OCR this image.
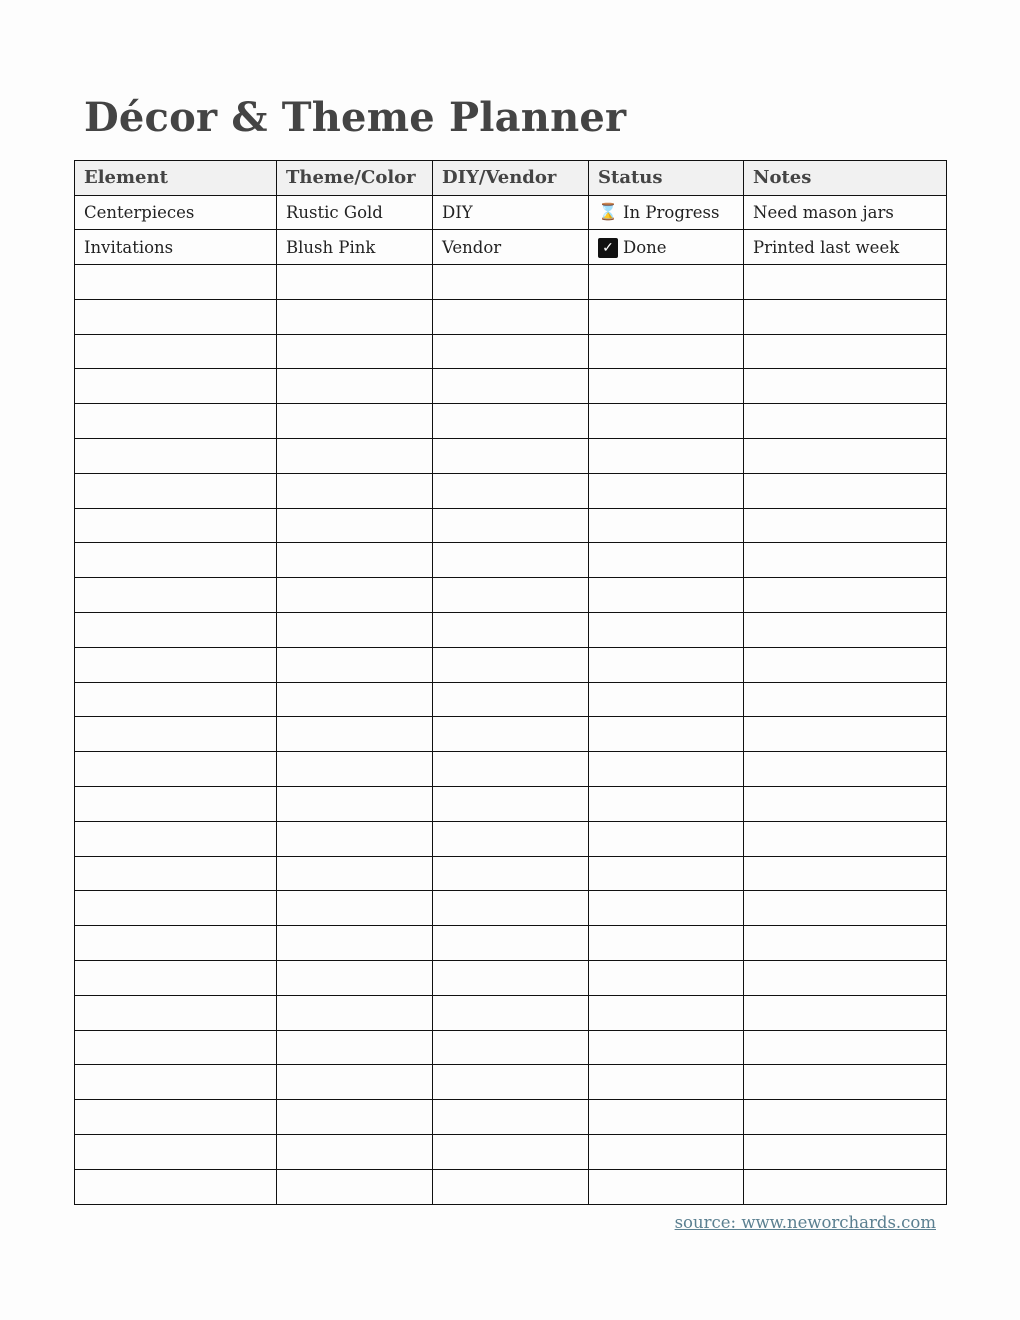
Décor & Theme Planner
Element	Theme/Color	DIY/Vendor	Status	Notes
Centerpieces	Rustic Gold	DIY	⌛ In Progress	Need mason jars
Invitations	Blush Pink	Vendor	✓ Done	Printed last week

source: www.neworchards.com
